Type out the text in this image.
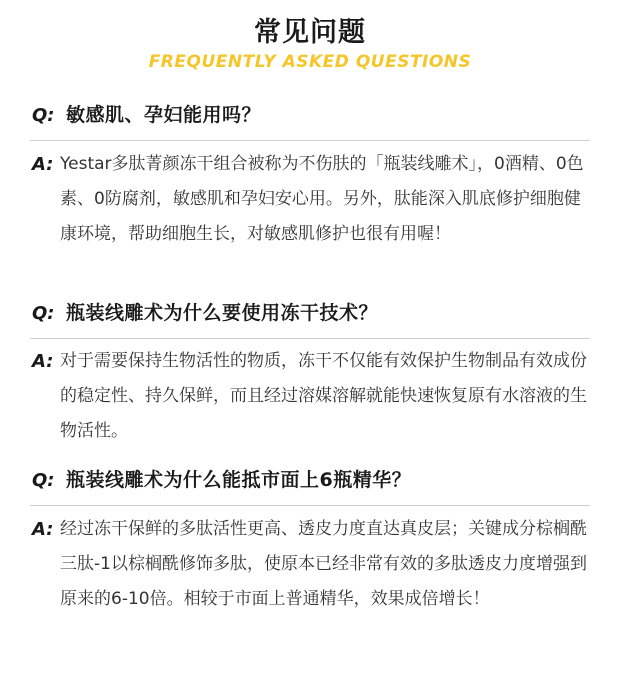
常见问题
FREQUENTLY ASKED QUESTIONS
Q: 敏感肌、孕妇能用吗？
A: Yestar多肽菁颜冻干组合被称为不伤肤的「瓶装线雕术」，0酒精、0色素、0防腐剂，敏感肌和孕妇安心用。另外，肽能深入肌底修护细胞健康环境，帮助细胞生长，对敏感肌修护也很有用喔！
Q: 瓶装线雕术为什么要使用冻干技术？
A: 对于需要保持生物活性的物质，冻干不仅能有效保护生物制品有效成份的稳定性、持久保鲜，而且经过溶媒溶解就能快速恢复原有水溶液的生物活性。
Q: 瓶装线雕术为什么能抵市面上6瓶精华？
A: 经过冻干保鲜的多肽活性更高、透皮力度直达真皮层；关键成分棕榈酰三肽-1以棕榈酰修饰多肽，使原本已经非常有效的多肽透皮力度增强到原来的6-10倍。相较于市面上普通精华，效果成倍增长！
